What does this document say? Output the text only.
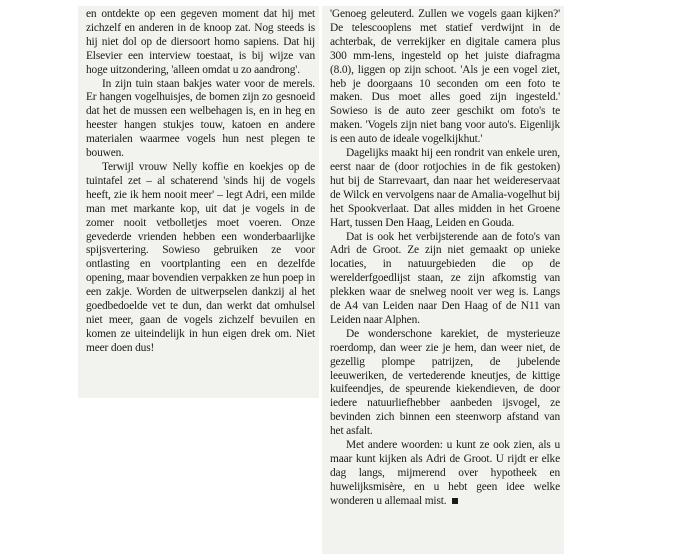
en ontdekte op een gegeven moment dat hij met zichzelf en anderen in de knoop zat. Nog steeds is hij niet dol op de diersoort homo sapiens. Dat hij Elsevier een interview toestaat, is bij wijze van hoge uitzondering, 'alleen omdat u zo aandrong'.

In zijn tuin staan bakjes water voor de merels. Er hangen vogelhuisjes, de bomen zijn zo gesnoeid dat het de mussen een welbehagen is, en in heg en heester hangen stukjes touw, katoen en andere materialen waarmee vogels hun nest plegen te bouwen.

Terwijl vrouw Nelly koffie en koekjes op de tuintafel zet – al schaterend 'sinds hij de vogels heeft, zie ik hem nooit meer' – legt Adri, een milde man met markante kop, uit dat je vogels in de zomer nooit vetbolletjes moet voeren. Onze gevederde vrienden hebben een wonderbaarlijke spijsvertering. Sowieso gebruiken ze voor ontlasting en voortplanting een en dezelfde opening, maar bovendien verpakken ze hun poep in een zakje. Worden de uitwerpselen dankzij al het goedbedoelde vet te dun, dan werkt dat omhulsel niet meer, gaan de vogels zichzelf bevuilen en komen ze uiteindelijk in hun eigen drek om. Niet meer doen dus!

'Genoeg geleuterd. Zullen we vogels gaan kijken?' De telescooplens met statief verdwijnt in de achterbak, de verrekijker en digitale camera plus 300 mm-lens, ingesteld op het juiste diafragma (8.0), liggen op zijn schoot. 'Als je een vogel ziet, heb je doorgaans 10 seconden om een foto te maken. Dus moet alles goed zijn ingesteld.' Sowieso is de auto zeer geschikt om foto's te maken. 'Vogels zijn niet bang voor auto's. Eigenlijk is een auto de ideale vogelkijkhut.'

Dagelijks maakt hij een rondrit van enkele uren, eerst naar de (door rotjochies in de fik gestoken) hut bij de Starrevaart, dan naar het weidereservaat de Wilck en vervolgens naar de Amalia-vogelhut bij het Spookverlaat. Dat alles midden in het Groene Hart, tussen Den Haag, Leiden en Gouda.

Dat is ook het verbijsterende aan de foto's van Adri de Groot. Ze zijn niet gemaakt op unieke locaties, in natuurgebieden die op de werelderfgoedlijst staan, ze zijn afkomstig van plekken waar de snelweg nooit ver weg is. Langs de A4 van Leiden naar Den Haag of de N11 van Leiden naar Alphen.

De wonderschone karekiet, de mysterieuze roerdomp, dan weer zie je hem, dan weer niet, de gezellig plompe patrijzen, de jubelende leeuweriken, de vertederende kneutjes, de kittige kuifeendjes, de speurende kiekendieven, de door iedere natuurliefhebber aanbeden ijsvogel, ze bevinden zich binnen een steenworp afstand van het asfalt.

Met andere woorden: u kunt ze ook zien, als u maar kunt kijken als Adri de Groot. U rijdt er elke dag langs, mijmerend over hypotheek en huwelijksmisère, en u hebt geen idee welke wonderen u allemaal mist.
